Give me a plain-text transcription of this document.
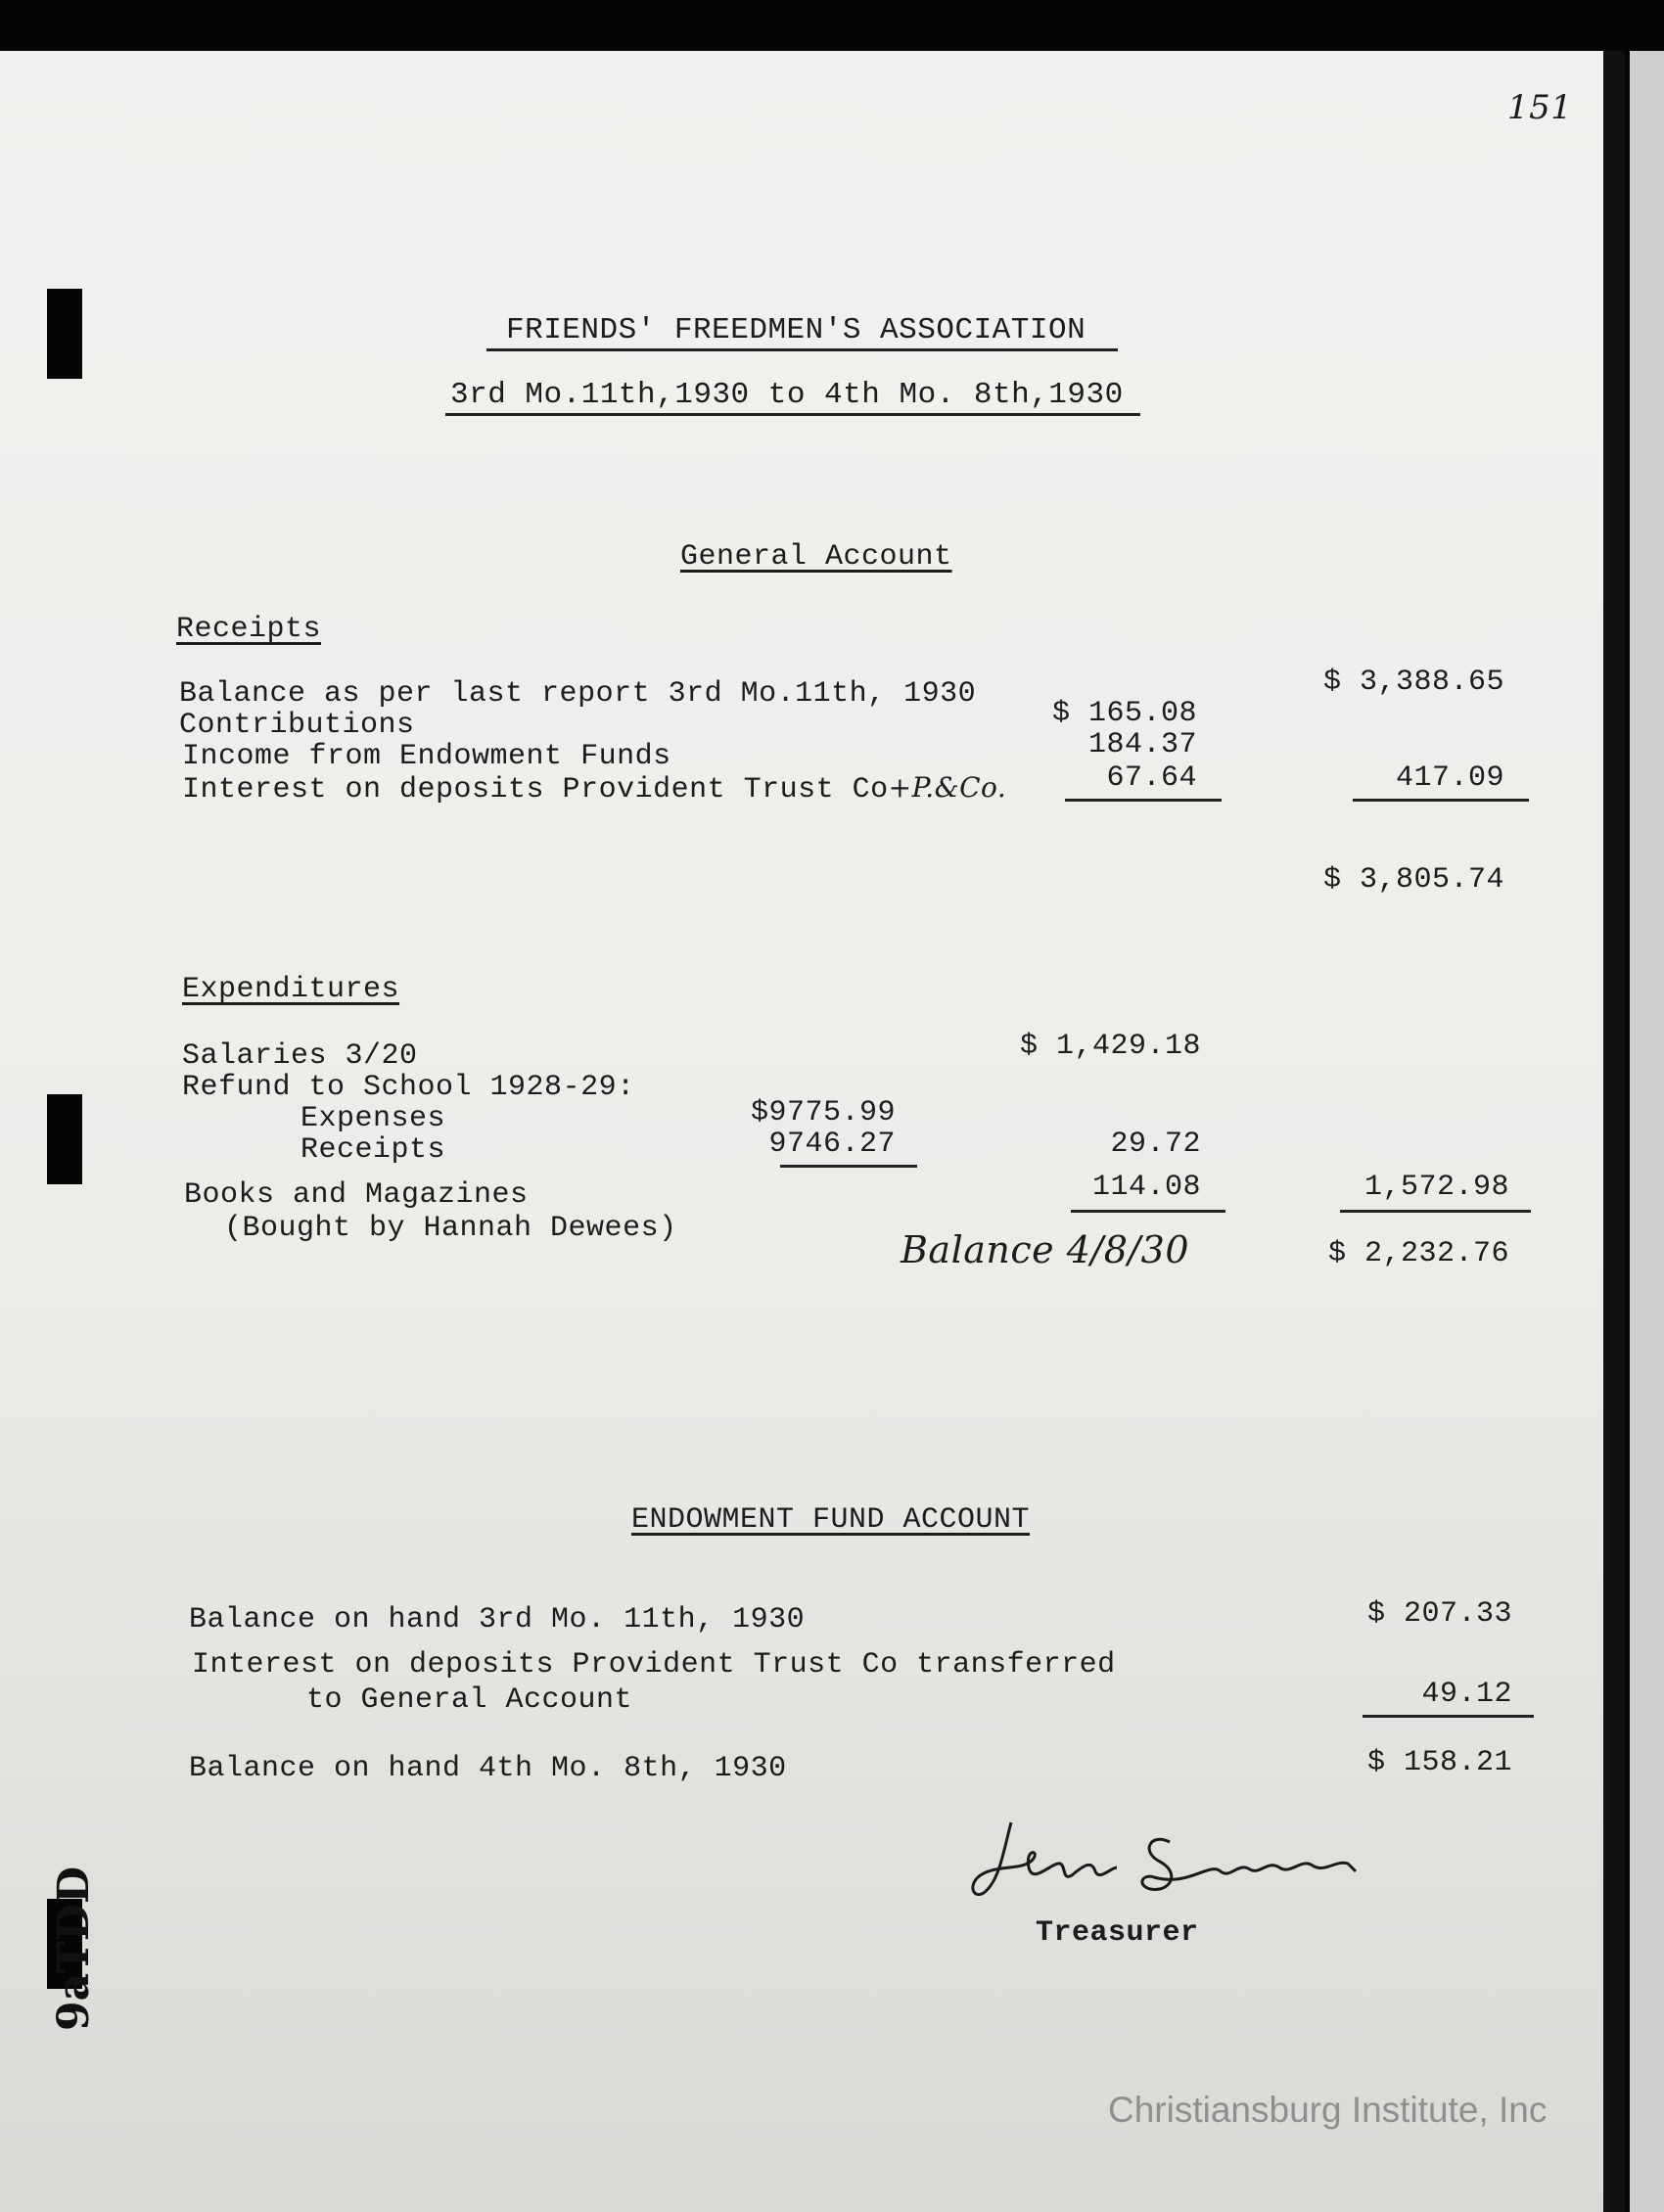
151
FRIENDS' FREEDMEN'S ASSOCIATION
3rd Mo.11th,1930 to 4th Mo. 8th,1930
General Account
Receipts
Balance as per last report 3rd Mo.11th, 1930	$ 3,388.65
Contributions	$ 165.08
Income from Endowment Funds	184.37
Interest on deposits Provident Trust Co+P.&Co.	67.64	417.09
$ 3,805.74
Expenditures
Salaries 3/20	$ 1,429.18
Refund to School 1928-29:
Expenses	$9775.99
Receipts	9746.27	29.72
Books and Magazines	114.08	1,572.98
(Bought by Hannah Dewees)	Balance 4/8/30	$ 2,232.76
ENDOWMENT FUND ACCOUNT
Balance on hand 3rd Mo. 11th, 1930	$ 207.33
Interest on deposits Provident Trust Co transferred
to General Account	49.12
Balance on hand 4th Mo. 8th, 1930	$ 158.21
Treasurer
9aTDD
Christiansburg Institute, Inc
